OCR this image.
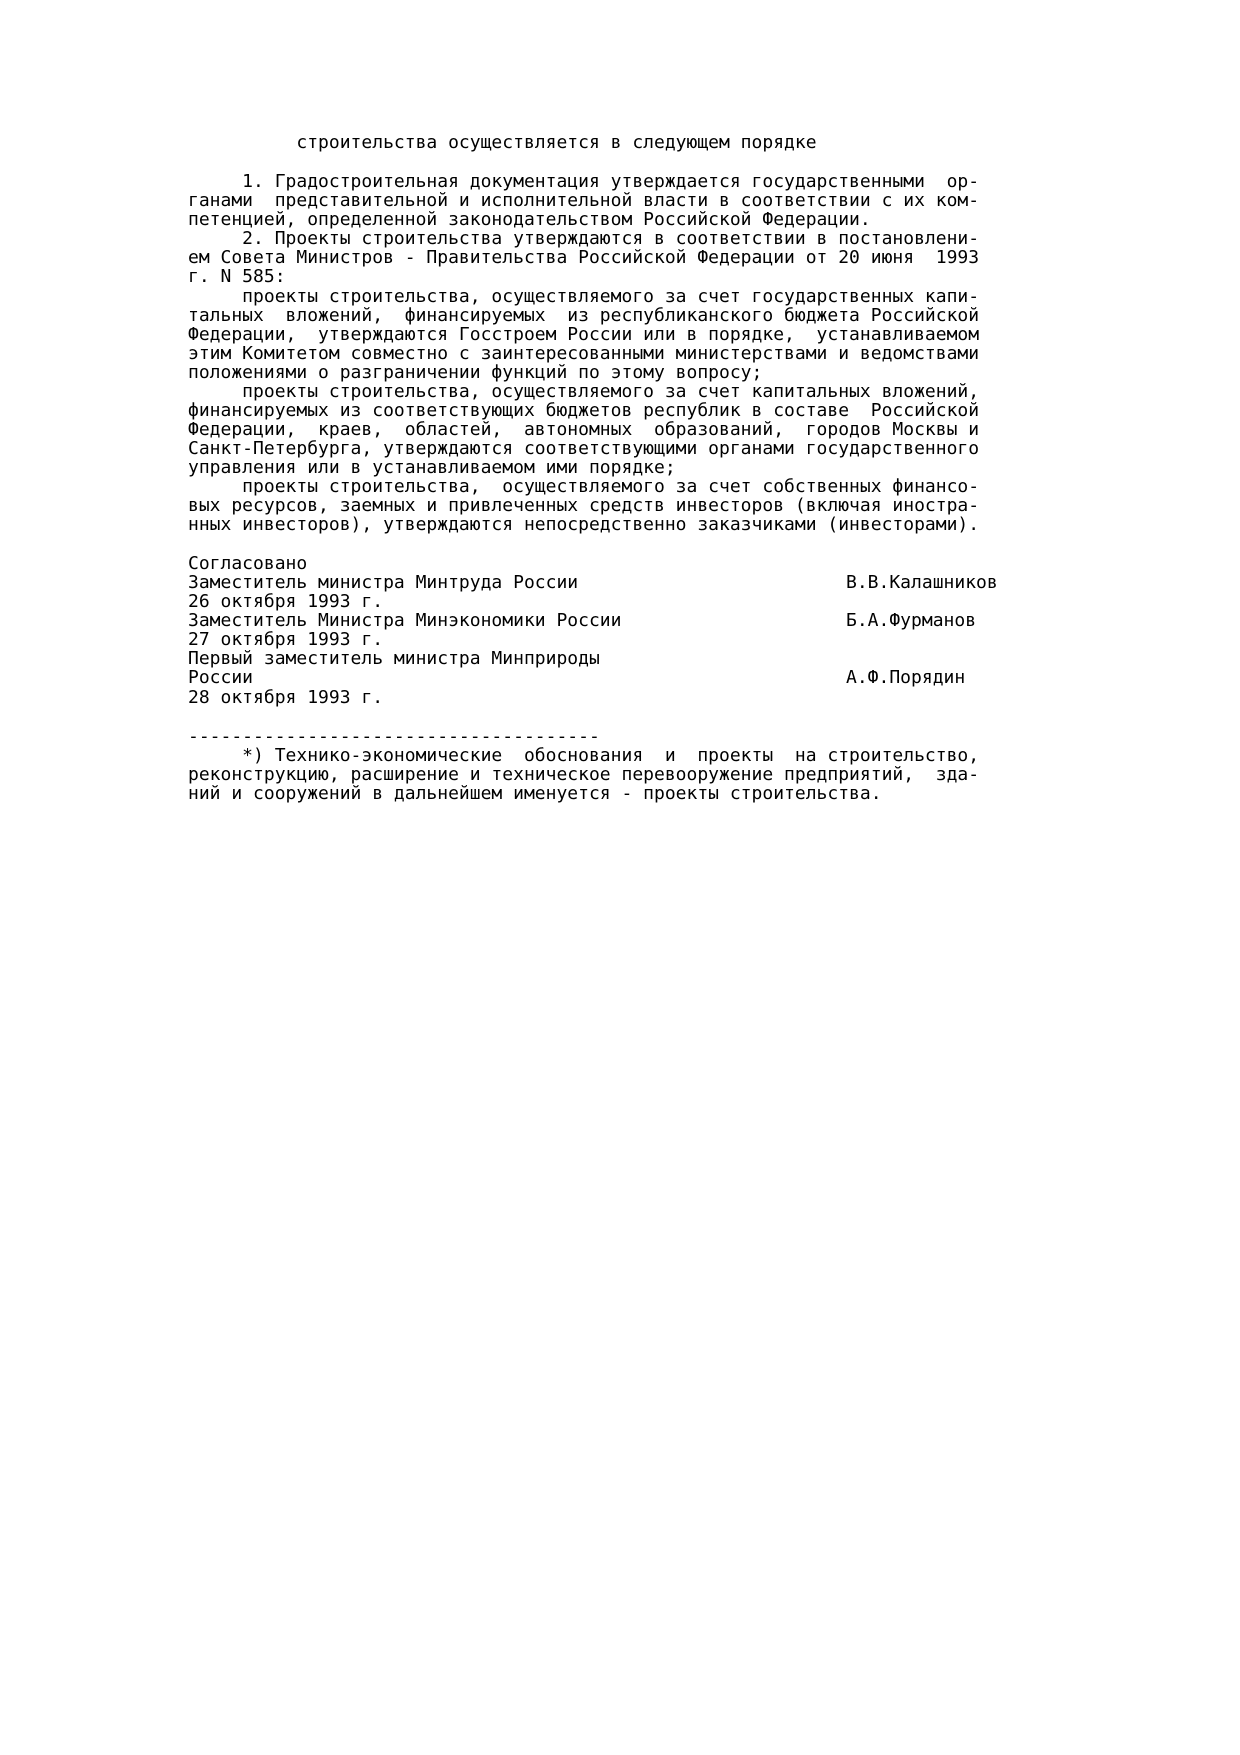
строительства осуществляется в следующем порядке
1. Градостроительная документация утверждается государственными  ор-
ганами  представительной и исполнительной власти в соответствии с их ком-
петенцией, определенной законодательством Российской Федерации.
2. Проекты строительства утверждаются в соответствии в постановлени-
ем Совета Министров - Правительства Российской Федерации от 20 июня  1993
г. N 585:
проекты строительства, осуществляемого за счет государственных капи-
тальных  вложений,  финансируемых  из республиканского бюджета Российской
Федерации,  утверждаются Госстроем России или в порядке,  устанавливаемом
этим Комитетом совместно с заинтересованными министерствами и ведомствами
положениями о разграничении функций по этому вопросу;
проекты строительства, осуществляемого за счет капитальных вложений,
финансируемых из соответствующих бюджетов республик в составе  Российской
Федерации,  краев,  областей,  автономных  образований,  городов Москвы и
Санкт-Петербурга, утверждаются соответствующими органами государственного
управления или в устанавливаемом ими порядке;
проекты строительства,  осуществляемого за счет собственных финансо-
вых ресурсов, заемных и привлеченных средств инвесторов (включая иностра-
нных инвесторов), утверждаются непосредственно заказчиками (инвесторами).
Согласовано
Заместитель министра Минтруда России	В.В.Калашников
26 октября 1993 г.
Заместитель Министра Минэкономики России	Б.А.Фурманов
27 октября 1993 г.
Первый заместитель министра Минприроды
России	А.Ф.Порядин
28 октября 1993 г.
--------------------------------------
*) Технико-экономические  обоснования  и  проекты  на строительство,
реконструкцию, расширение и техническое перевооружение предприятий,  зда-
ний и сооружений в дальнейшем именуется - проекты строительства.
